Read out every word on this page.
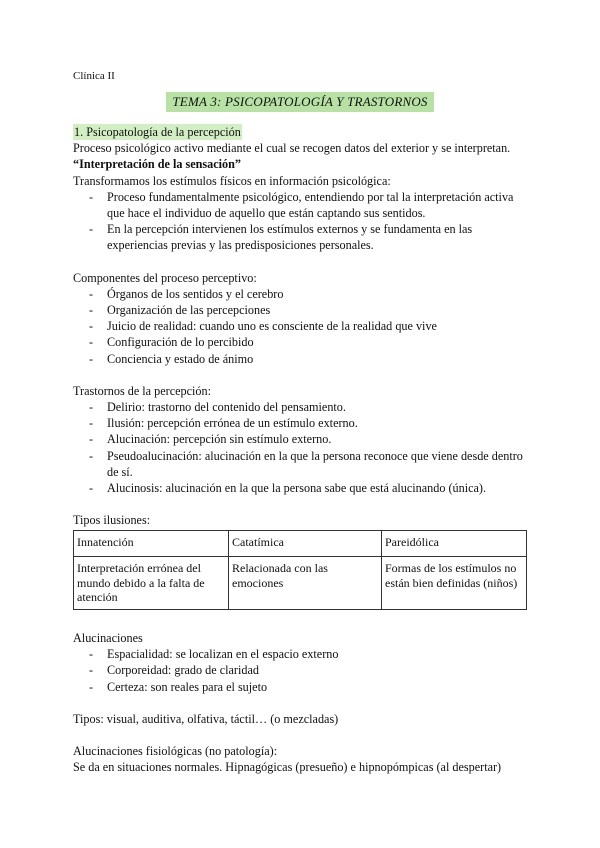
Clínica II
TEMA 3: PSICOPATOLOGÍA Y TRASTORNOS
1. Psicopatología de la percepción
Proceso psicológico activo mediante el cual se recogen datos del exterior y se interpretan.
“Interpretación de la sensación”
Transformamos los estímulos físicos en información psicológica:
- Proceso fundamentalmente psicológico, entendiendo por tal la interpretación activa que hace el individuo de aquello que están captando sus sentidos.
- En la percepción intervienen los estímulos externos y se fundamenta en las experiencias previas y las predisposiciones personales.
Componentes del proceso perceptivo:
- Órganos de los sentidos y el cerebro
- Organización de las percepciones
- Juicio de realidad: cuando uno es consciente de la realidad que vive
- Configuración de lo percibido
- Conciencia y estado de ánimo
Trastornos de la percepción:
- Delirio: trastorno del contenido del pensamiento.
- Ilusión: percepción errónea de un estímulo externo.
- Alucinación: percepción sin estímulo externo.
- Pseudoalucinación: alucinación en la que la persona reconoce que viene desde dentro de sí.
- Alucinosis: alucinación en la que la persona sabe que está alucinando (única).
Tipos ilusiones:
Innatención	Catatímica	Pareidólica
Interpretación errónea del mundo debido a la falta de atención	Relacionada con las emociones	Formas de los estímulos no están bien definidas (niños)
Alucinaciones
- Espacialidad: se localizan en el espacio externo
- Corporeidad: grado de claridad
- Certeza: son reales para el sujeto
Tipos: visual, auditiva, olfativa, táctil… (o mezcladas)
Alucinaciones fisiológicas (no patología):
Se da en situaciones normales. Hipnagógicas (presueño) e hipnopómpicas (al despertar)
